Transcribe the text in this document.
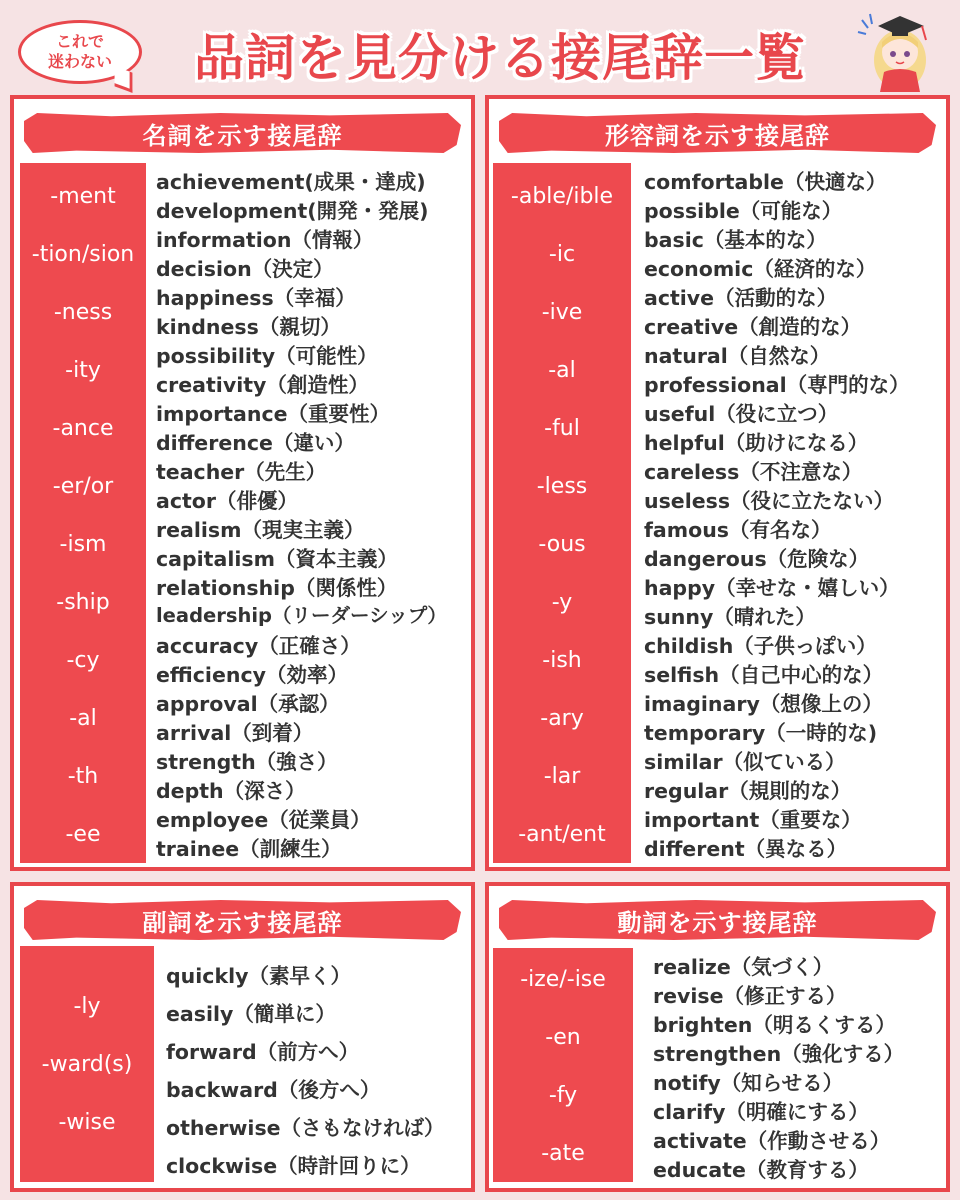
これで
迷わない	品詞を見分ける接尾辞一覧
名詞を示す接尾辞
-ment
-tion/sion
-ness
-ity
-ance
-er/or
-ism
-ship
-cy
-al
-th
-ee
achievement(成果・達成)
development(開発・発展)
information（情報）
decision（決定）
happiness（幸福）
kindness（親切）
possibility（可能性）
creativity（創造性）
importance（重要性）
difference（違い）
teacher（先生）
actor（俳優）
realism（現実主義）
capitalism（資本主義）
relationship（関係性）
leadership（リーダーシップ）
accuracy（正確さ）
efficiency（効率）
approval（承認）
arrival（到着）
strength（強さ）
depth（深さ）
employee（従業員）
trainee（訓練生）
形容詞を示す接尾辞
-able/ible
-ic
-ive
-al
-ful
-less
-ous
-y
-ish
-ary
-lar
-ant/ent
comfortable（快適な）
possible（可能な）
basic（基本的な）
economic（経済的な）
active（活動的な）
creative（創造的な）
natural（自然な）
professional（専門的な）
useful（役に立つ）
helpful（助けになる）
careless（不注意な）
useless（役に立たない）
famous（有名な）
dangerous（危険な）
happy（幸せな・嬉しい）
sunny（晴れた）
childish（子供っぽい）
selfish（自己中心的な）
imaginary（想像上の）
temporary（一時的な)
similar（似ている）
regular（規則的な）
important（重要な）
different（異なる）
副詞を示す接尾辞
-ly
-ward(s)
-wise
quickly（素早く）
easily（簡単に）
forward（前方へ）
backward（後方へ）
otherwise（さもなければ）
clockwise（時計回りに）
動詞を示す接尾辞
-ize/-ise
-en
-fy
-ate
realize（気づく）
revise（修正する）
brighten（明るくする）
strengthen（強化する）
notify（知らせる）
clarify（明確にする）
activate（作動させる）
educate（教育する）
